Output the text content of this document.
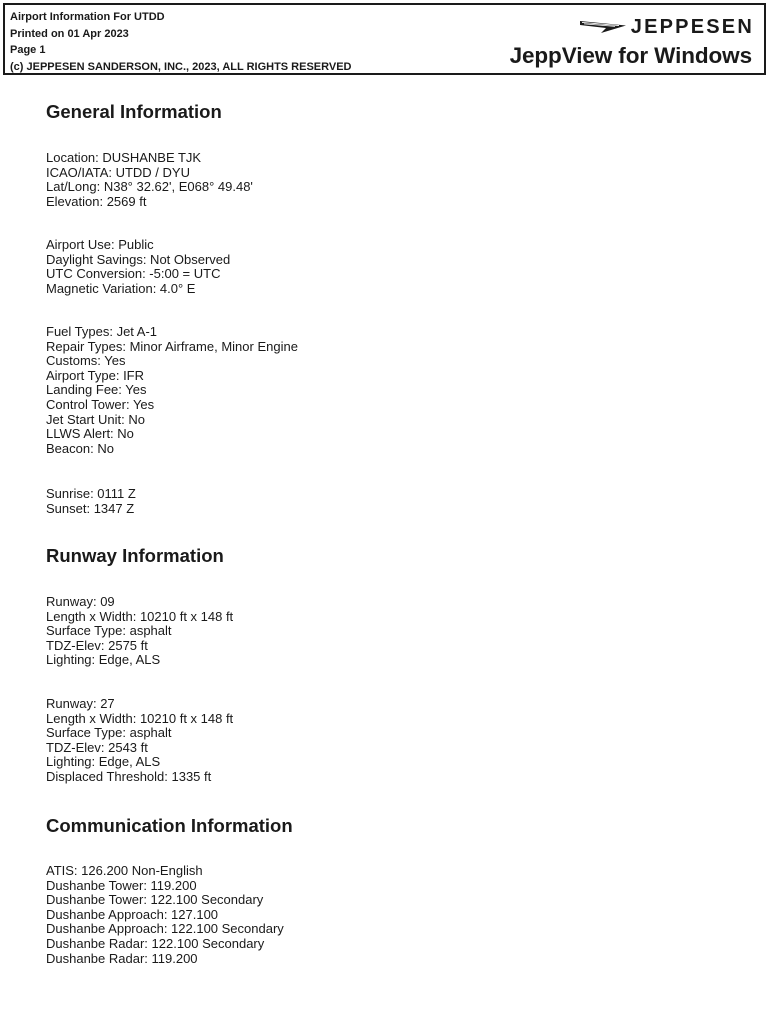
Airport Information For UTDD
Printed on 01 Apr 2023
Page 1
(c) JEPPESEN SANDERSON, INC., 2023, ALL RIGHTS RESERVED
JEPPESEN
JeppView for Windows
General Information
Location: DUSHANBE TJK
ICAO/IATA: UTDD / DYU
Lat/Long: N38° 32.62', E068° 49.48'
Elevation: 2569 ft
Airport Use: Public
Daylight Savings: Not Observed
UTC Conversion: -5:00 = UTC
Magnetic Variation: 4.0° E
Fuel Types: Jet A-1
Repair Types: Minor Airframe, Minor Engine
Customs: Yes
Airport Type: IFR
Landing Fee: Yes
Control Tower: Yes
Jet Start Unit: No
LLWS Alert: No
Beacon: No
Sunrise: 0111 Z
Sunset: 1347 Z
Runway Information
Runway: 09
Length x Width: 10210 ft x 148 ft
Surface Type: asphalt
TDZ-Elev: 2575 ft
Lighting: Edge, ALS
Runway: 27
Length x Width: 10210 ft x 148 ft
Surface Type: asphalt
TDZ-Elev: 2543 ft
Lighting: Edge, ALS
Displaced Threshold: 1335 ft
Communication Information
ATIS: 126.200 Non-English
Dushanbe Tower: 119.200
Dushanbe Tower: 122.100 Secondary
Dushanbe Approach: 127.100
Dushanbe Approach: 122.100 Secondary
Dushanbe Radar: 122.100 Secondary
Dushanbe Radar: 119.200
